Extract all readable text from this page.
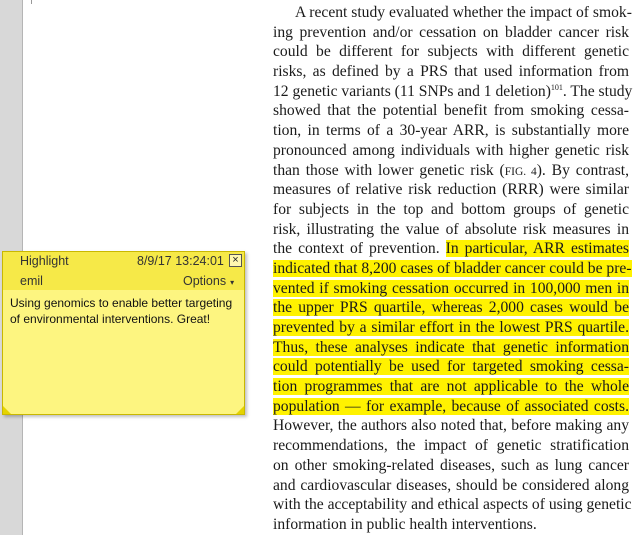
A recent study evaluated whether the impact of smok-
ing prevention and/or cessation on bladder cancer risk
could be different for subjects with different genetic
risks, as defined by a PRS that used information from
12 genetic variants (11 SNPs and 1 deletion)$^{101}$. The study
showed that the potential benefit from smoking cessa-
tion, in terms of a 30-year ARR, is substantially more
pronounced among individuals with higher genetic risk
than those with lower genetic risk (FIG. 4). By contrast,
measures of relative risk reduction (RRR) were similar
for subjects in the top and bottom groups of genetic
risk, illustrating the value of absolute risk measures in
the context of prevention. In particular, ARR estimates
indicated that 8,200 cases of bladder cancer could be pre-
vented if smoking cessation occurred in 100,000 men in
the upper PRS quartile, whereas 2,000 cases would be
prevented by a similar effort in the lowest PRS quartile.
Thus, these analyses indicate that genetic information
could potentially be used for targeted smoking cessa-
tion programmes that are not applicable to the whole
population — for example, because of associated costs.
However, the authors also noted that, before making any
recommendations, the impact of genetic stratification
on other smoking-related diseases, such as lung cancer
and cardiovascular diseases, should be considered along
with the acceptability and ethical aspects of using genetic
information in public health interventions.
Highlight	8/9/17 13:24:01 ×
emil	Options ▾
Using genomics to enable better targeting of environmental interventions. Great!
